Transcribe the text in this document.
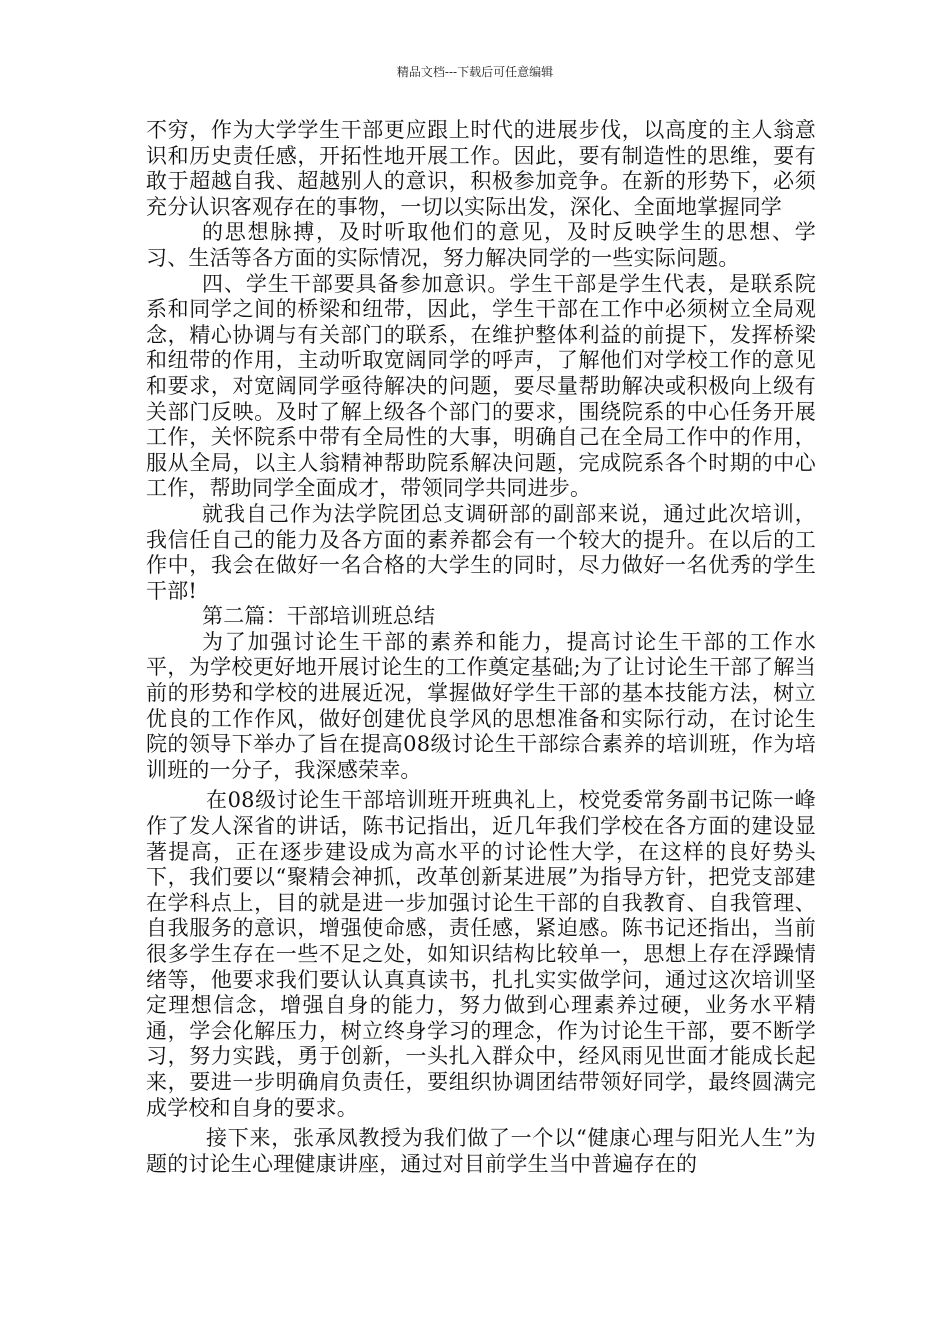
精品文档---下载后可任意编辑

不穷，作为大学学生干部更应跟上时代的进展步伐，以高度的主人翁意识和历史责任感，开拓性地开展工作。因此，要有制造性的思维，要有敢于超越自我、超越别人的意识，积极参加竞争。在新的形势下，必须充分认识客观存在的事物，一切以实际出发，深化、全面地掌握同学

的思想脉搏，及时听取他们的意见，及时反映学生的思想、学习、生活等各方面的实际情况，努力解决同学的一些实际问题。

四、学生干部要具备参加意识。学生干部是学生代表，是联系院系和同学之间的桥梁和纽带，因此，学生干部在工作中必须树立全局观念，精心协调与有关部门的联系，在维护整体利益的前提下，发挥桥梁和纽带的作用，主动听取宽阔同学的呼声，了解他们对学校工作的意见和要求，对宽阔同学亟待解决的问题，要尽量帮助解决或积极向上级有关部门反映。及时了解上级各个部门的要求，围绕院系的中心任务开展工作，关怀院系中带有全局性的大事，明确自己在全局工作中的作用，服从全局，以主人翁精神帮助院系解决问题，完成院系各个时期的中心工作，帮助同学全面成才，带领同学共同进步。

就我自己作为法学院团总支调研部的副部来说，通过此次培训，我信任自己的能力及各方面的素养都会有一个较大的提升。在以后的工作中，我会在做好一名合格的大学生的同时，尽力做好一名优秀的学生干部!

第二篇：干部培训班总结

为了加强讨论生干部的素养和能力，提高讨论生干部的工作水平，为学校更好地开展讨论生的工作奠定基础;为了让讨论生干部了解当前的形势和学校的进展近况，掌握做好学生干部的基本技能方法，树立优良的工作作风，做好创建优良学风的思想准备和实际行动，在讨论生院的领导下举办了旨在提高08级讨论生干部综合素养的培训班，作为培训班的一分子，我深感荣幸。

在08级讨论生干部培训班开班典礼上，校党委常务副书记陈一峰作了发人深省的讲话，陈书记指出，近几年我们学校在各方面的建设显著提高，正在逐步建设成为高水平的讨论性大学，在这样的良好势头下，我们要以“聚精会神抓，改革创新某进展”为指导方针，把党支部建在学科点上，目的就是进一步加强讨论生干部的自我教育、自我管理、自我服务的意识，增强使命感，责任感，紧迫感。陈书记还指出，当前很多学生存在一些不足之处，如知识结构比较单一，思想上存在浮躁情绪等，他要求我们要认认真真读书，扎扎实实做学问，通过这次培训坚定理想信念，增强自身的能力，努力做到心理素养过硬，业务水平精通，学会化解压力，树立终身学习的理念，作为讨论生干部，要不断学习，努力实践，勇于创新，一头扎入群众中，经风雨见世面才能成长起来，要进一步明确肩负责任，要组织协调团结带领好同学，最终圆满完成学校和自身的要求。

接下来，张承凤教授为我们做了一个以“健康心理与阳光人生”为题的讨论生心理健康讲座，通过对目前学生当中普遍存在的
